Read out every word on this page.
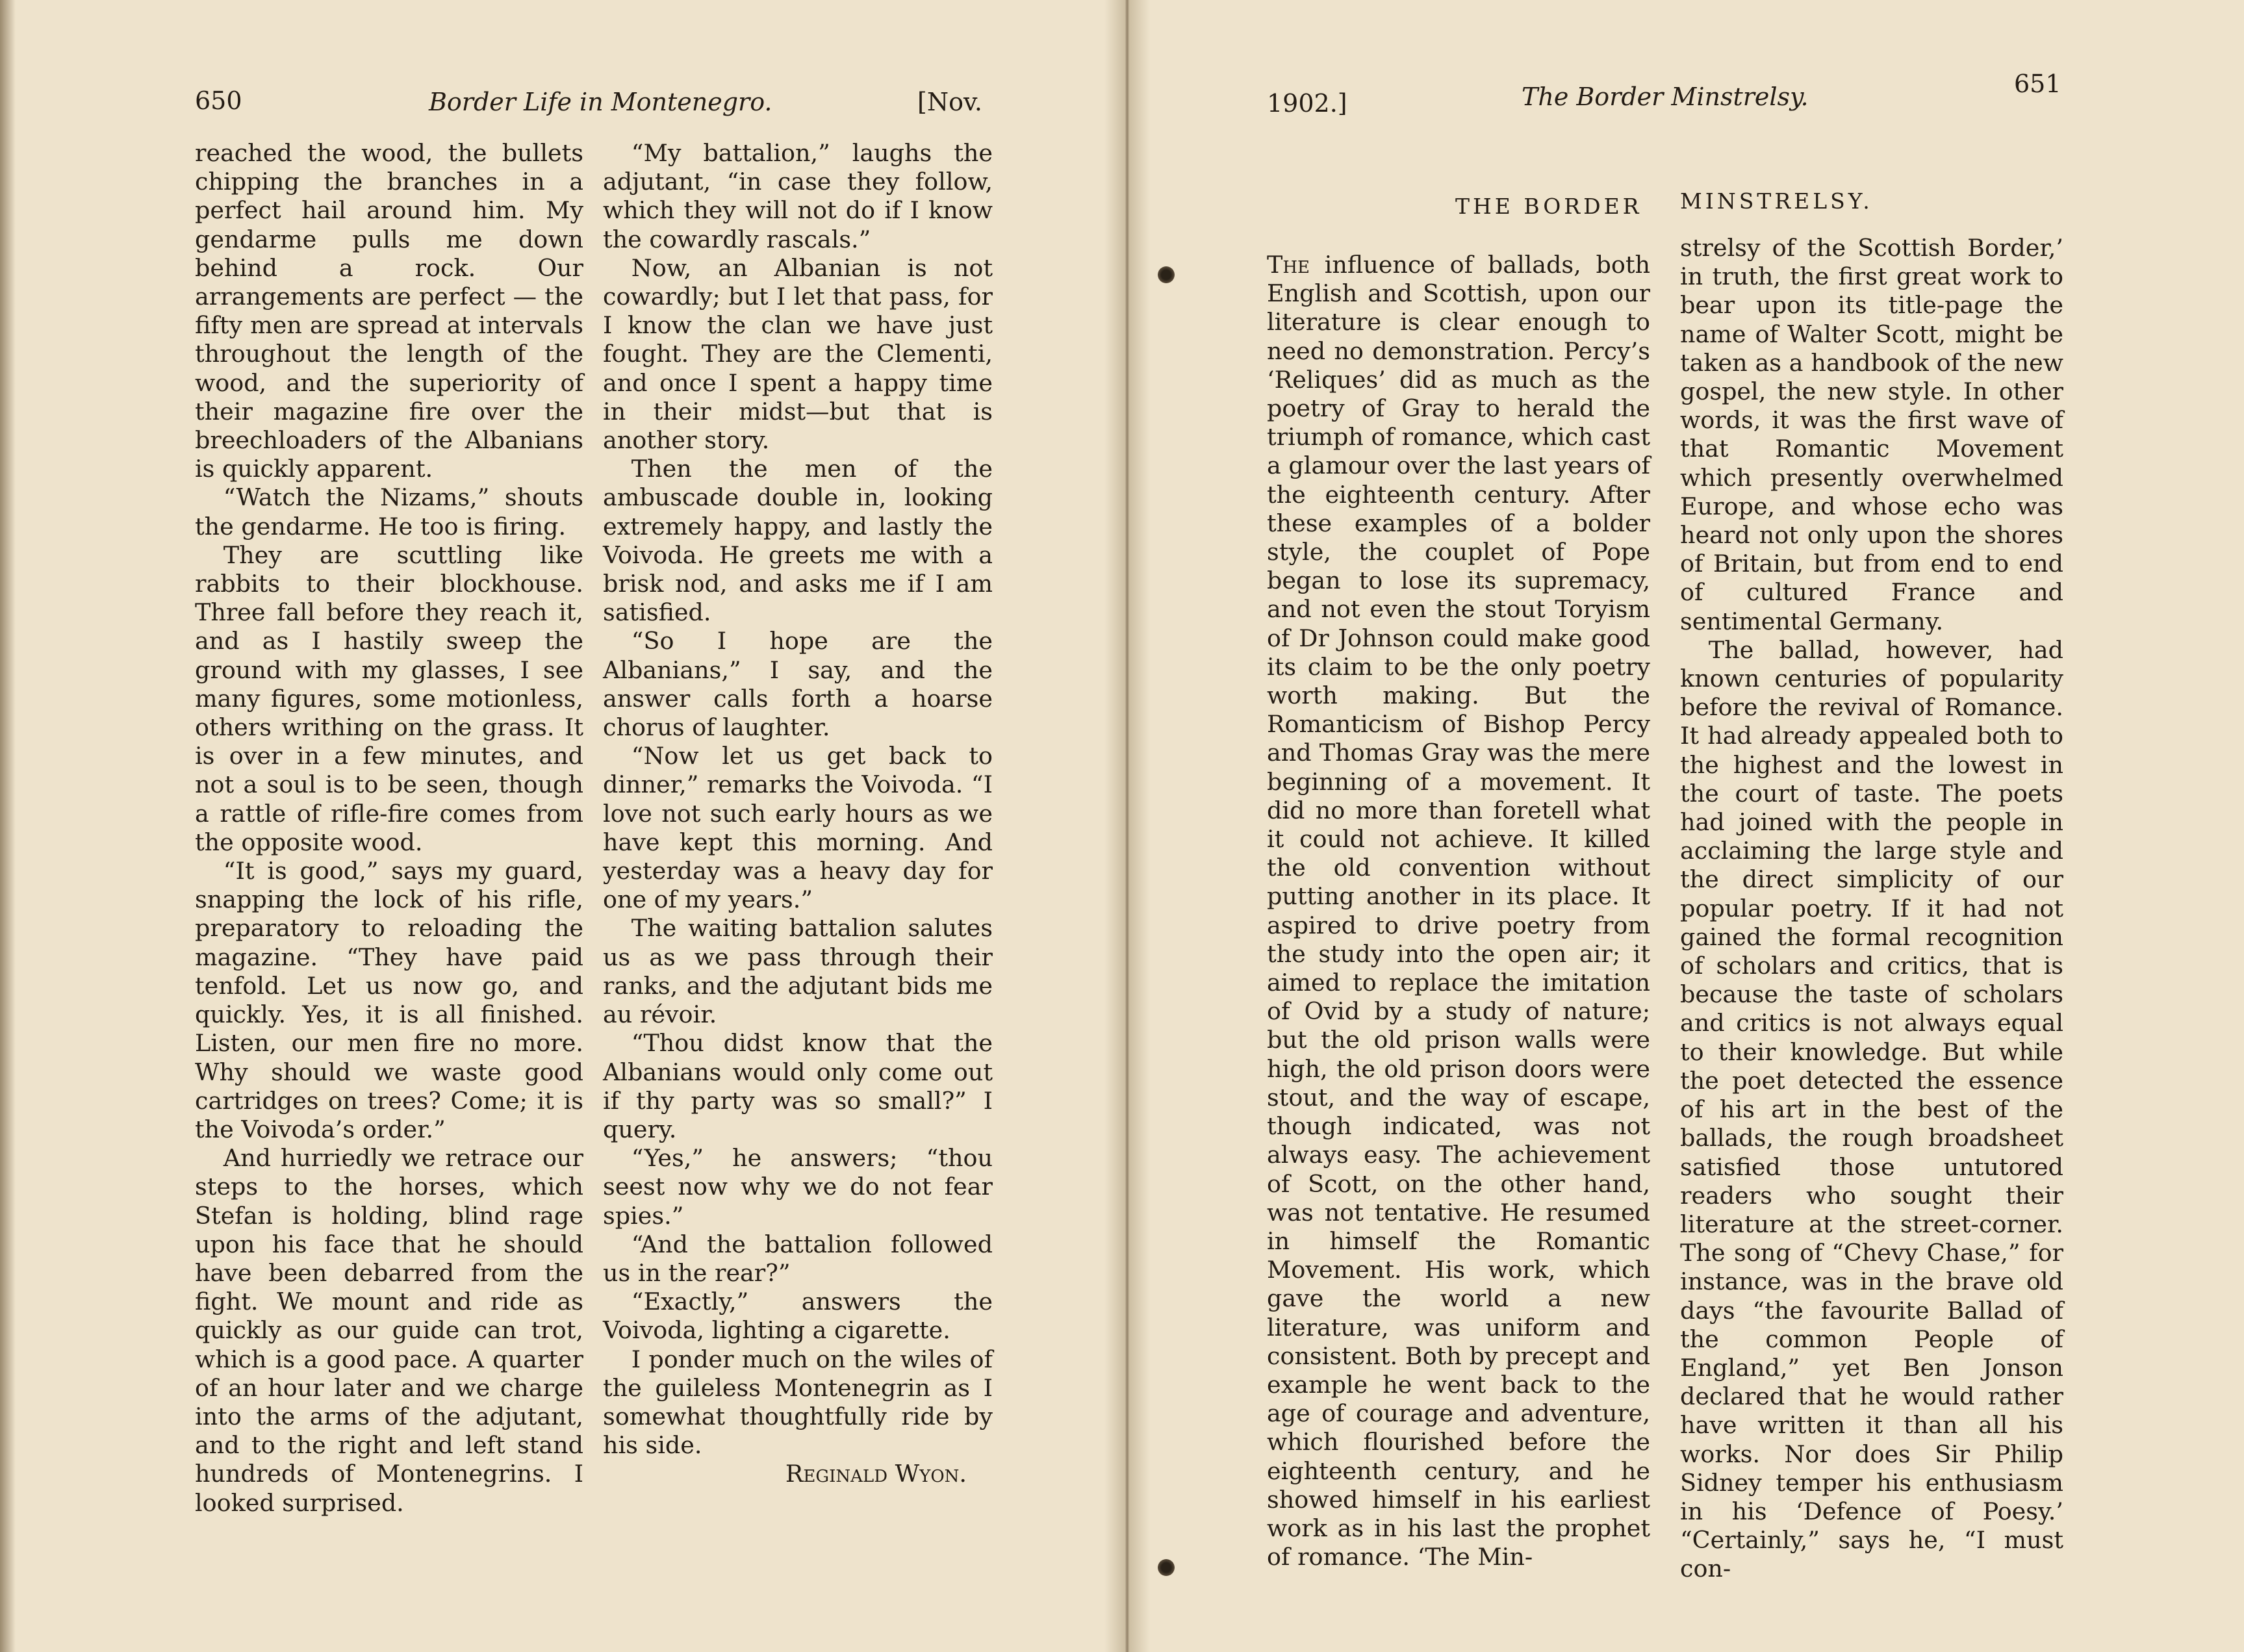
650	Border Life in Montenegro.	[Nov.

reached the wood, the bullets chipping the branches in a perfect hail around him. My gendarme pulls me down behind a rock. Our arrangements are perfect — the fifty men are spread at intervals throughout the length of the wood, and the superiority of their magazine fire over the breechloaders of the Albanians is quickly apparent.

“Watch the Nizams,” shouts the gendarme. He too is firing.

They are scuttling like rabbits to their blockhouse. Three fall before they reach it, and as I hastily sweep the ground with my glasses, I see many figures, some motionless, others writhing on the grass. It is over in a few minutes, and not a soul is to be seen, though a rattle of rifle-fire comes from the opposite wood.

“It is good,” says my guard, snapping the lock of his rifle, preparatory to reloading the magazine. “They have paid tenfold. Let us now go, and quickly. Yes, it is all finished. Listen, our men fire no more. Why should we waste good cartridges on trees? Come; it is the Voivoda’s order.”

And hurriedly we retrace our steps to the horses, which Stefan is holding, blind rage upon his face that he should have been debarred from the fight. We mount and ride as quickly as our guide can trot, which is a good pace. A quarter of an hour later and we charge into the arms of the adjutant, and to the right and left stand hundreds of Montenegrins. I looked surprised.

“My battalion,” laughs the adjutant, “in case they follow, which they will not do if I know the cowardly rascals.”

Now, an Albanian is not cowardly; but I let that pass, for I know the clan we have just fought. They are the Clementi, and once I spent a happy time in their midst—but that is another story.

Then the men of the ambuscade double in, looking extremely happy, and lastly the Voivoda. He greets me with a brisk nod, and asks me if I am satisfied.

“So I hope are the Albanians,” I say, and the answer calls forth a hoarse chorus of laughter.

“Now let us get back to dinner,” remarks the Voivoda. “I love not such early hours as we have kept this morning. And yesterday was a heavy day for one of my years.”

The waiting battalion salutes us as we pass through their ranks, and the adjutant bids me au révoir.

“Thou didst know that the Albanians would only come out if thy party was so small?” I query.

“Yes,” he answers; “thou seest now why we do not fear spies.”

“And the battalion followed us in the rear?”

“Exactly,” answers the Voivoda, lighting a cigarette.

I ponder much on the wiles of the guileless Montenegrin as I somewhat thoughtfully ride by his side.

Reginald Wyon.

1902.]	The Border Minstrelsy.	651
THE BORDER MINSTRELSY.

The influence of ballads, both English and Scottish, upon our literature is clear enough to need no demonstration. Percy’s ‘Reliques’ did as much as the poetry of Gray to herald the triumph of romance, which cast a glamour over the last years of the eighteenth century. After these examples of a bolder style, the couplet of Pope began to lose its supremacy, and not even the stout Toryism of Dr Johnson could make good its claim to be the only poetry worth making. But the Romanticism of Bishop Percy and Thomas Gray was the mere beginning of a movement. It did no more than foretell what it could not achieve. It killed the old convention without putting another in its place. It aspired to drive poetry from the study into the open air; it aimed to replace the imitation of Ovid by a study of nature; but the old prison walls were high, the old prison doors were stout, and the way of escape, though indicated, was not always easy. The achievement of Scott, on the other hand, was not tentative. He resumed in himself the Romantic Movement. His work, which gave the world a new literature, was uniform and consistent. Both by precept and example he went back to the age of courage and adventure, which flourished before the eighteenth century, and he showed himself in his earliest work as in his last the prophet of romance. ‘The Min-

strelsy of the Scottish Border,’ in truth, the first great work to bear upon its title-page the name of Walter Scott, might be taken as a handbook of the new gospel, the new style. In other words, it was the first wave of that Romantic Movement which presently overwhelmed Europe, and whose echo was heard not only upon the shores of Britain, but from end to end of cultured France and sentimental Germany.

The ballad, however, had known centuries of popularity before the revival of Romance. It had already appealed both to the highest and the lowest in the court of taste. The poets had joined with the people in acclaiming the large style and the direct simplicity of our popular poetry. If it had not gained the formal recognition of scholars and critics, that is because the taste of scholars and critics is not always equal to their knowledge. But while the poet detected the essence of his art in the best of the ballads, the rough broadsheet satisfied those untutored readers who sought their literature at the street-corner. The song of “Chevy Chase,” for instance, was in the brave old days “the favourite Ballad of the common People of England,” yet Ben Jonson declared that he would rather have written it than all his works. Nor does Sir Philip Sidney temper his enthusiasm in his ‘Defence of Poesy.’ “Certainly,” says he, “I must con-
